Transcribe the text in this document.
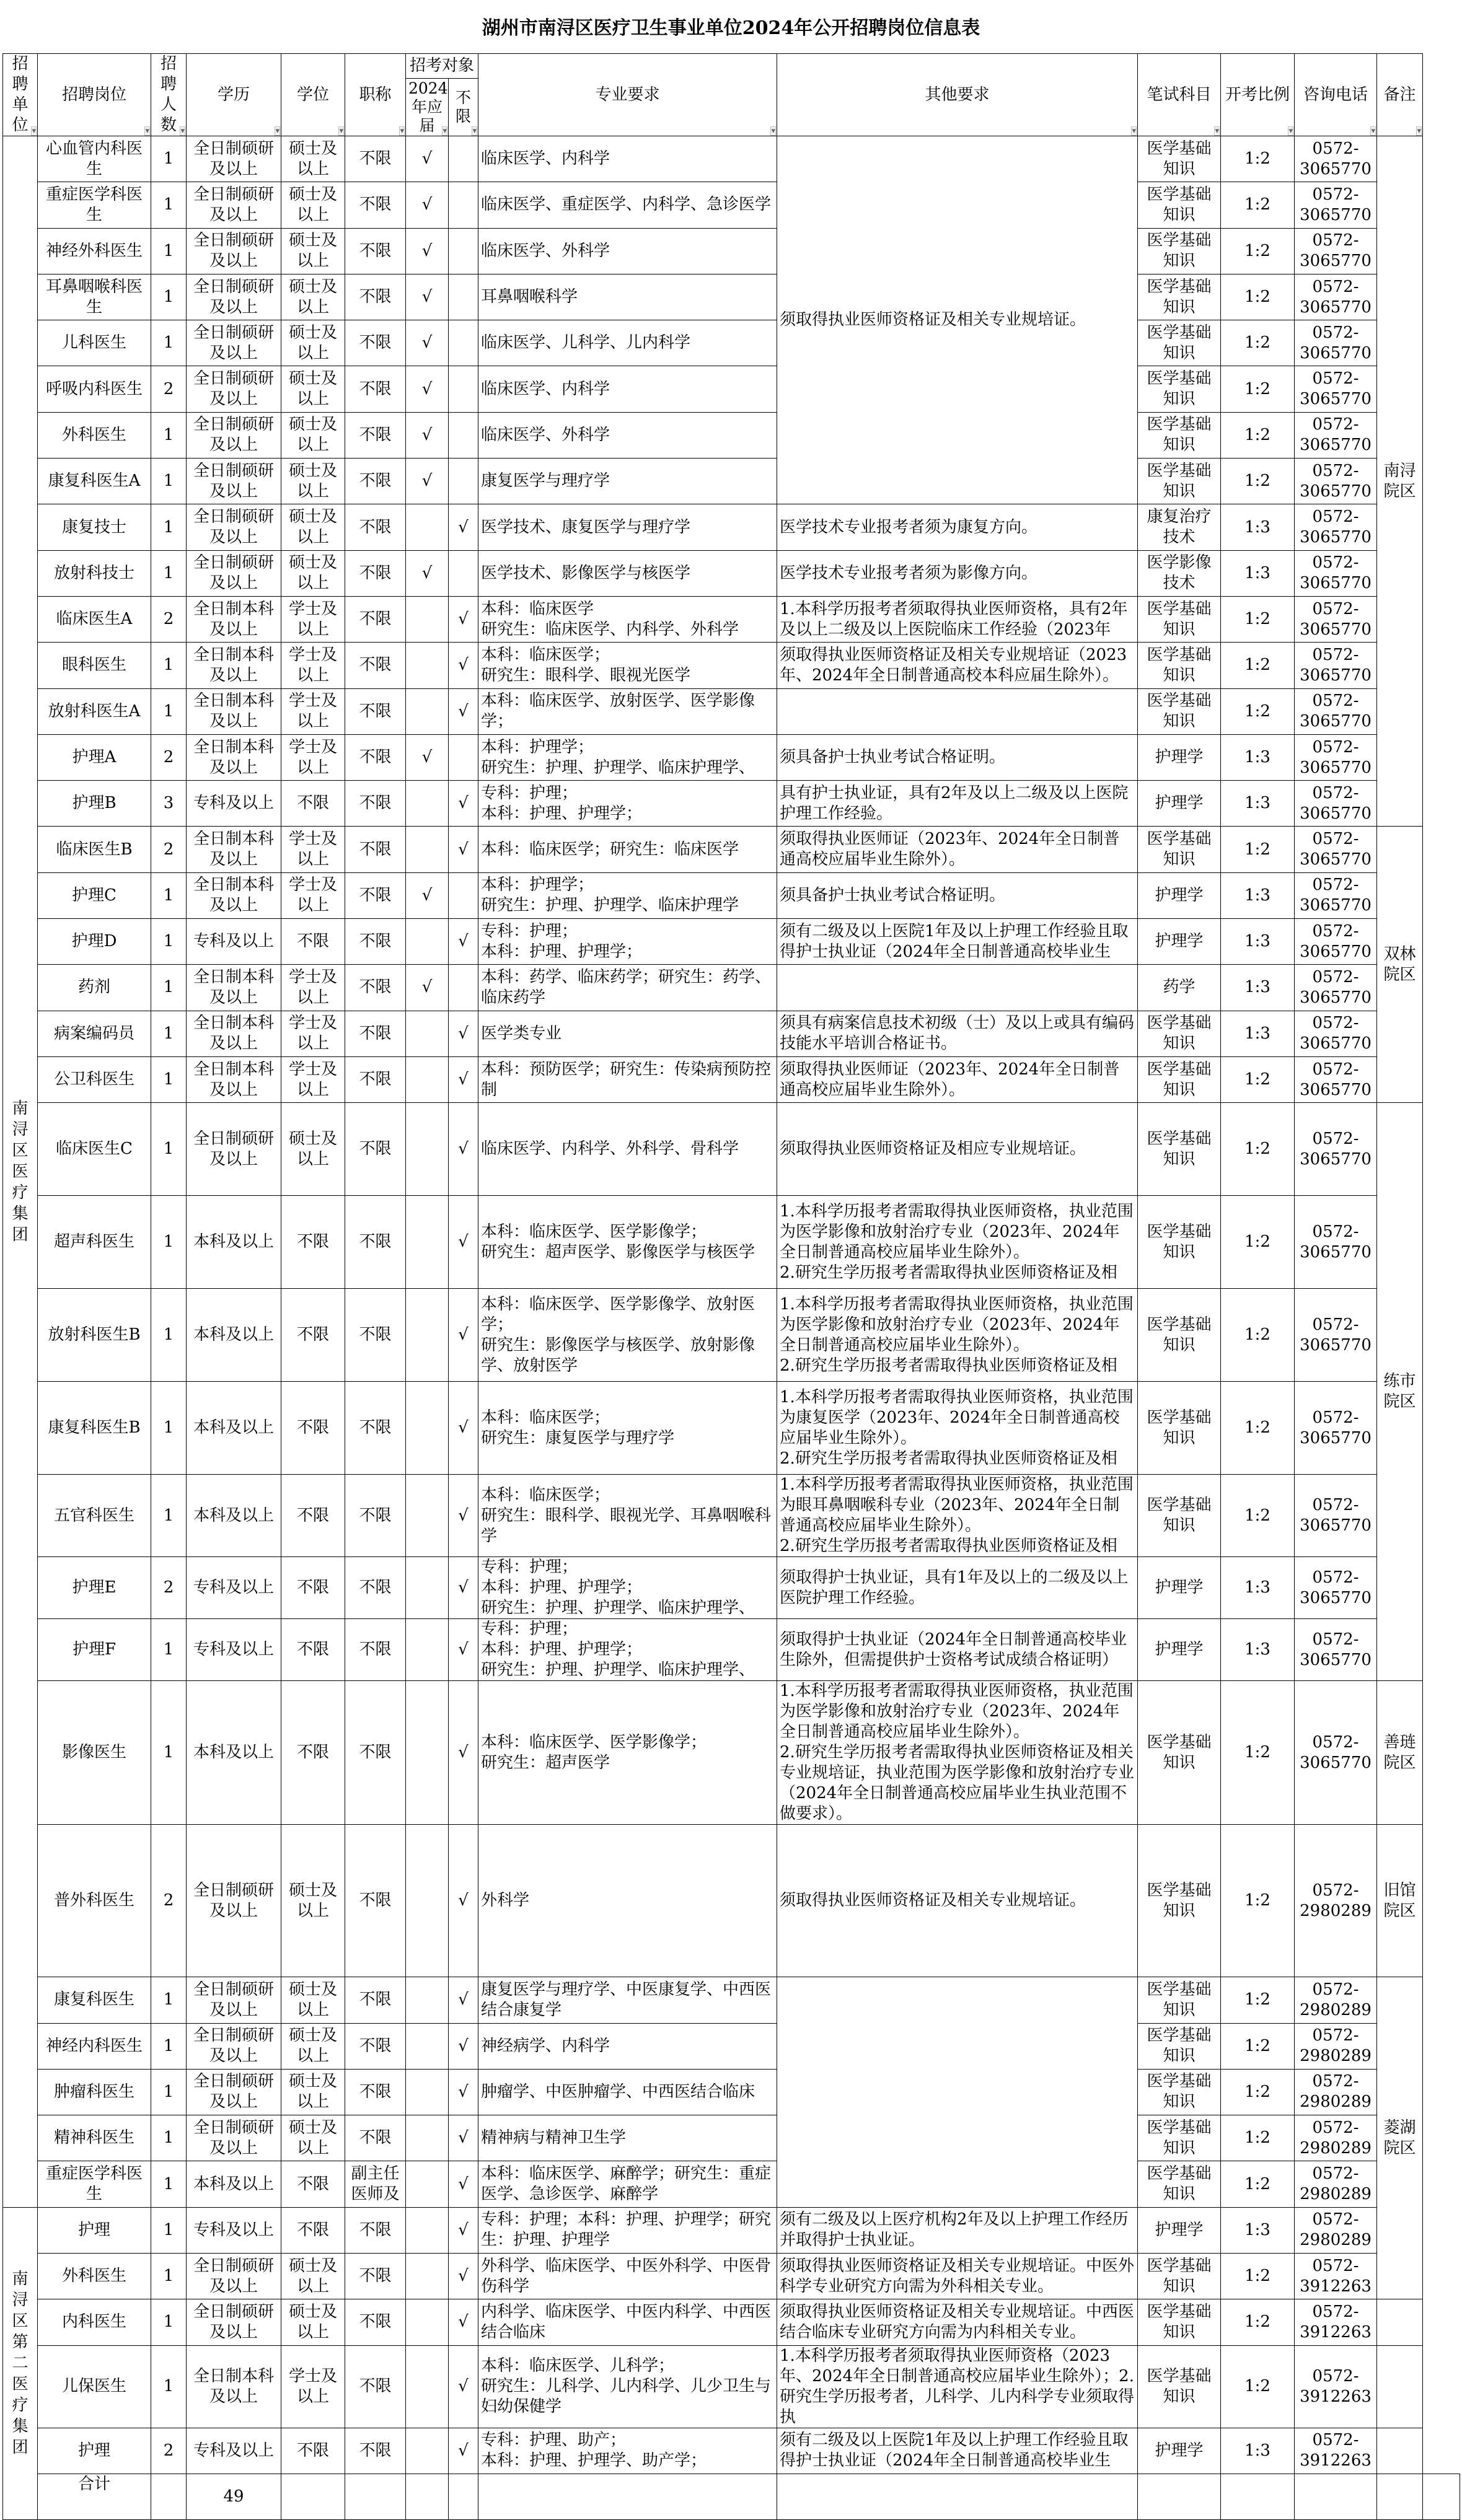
湖州市南浔区医疗卫生事业单位2024年公开招聘岗位信息表
招聘单位 ▾	招聘岗位 ▾	招聘人数 ▾	学历 ▾	学位 ▾	职称 ▾	招考对象		专业要求 ▾	其他要求 ▾	笔试科目 ▾	开考比例 ▾	咨询电话 ▾	备注 ▾
						2024年应届 ▾	不限 ▾
南浔区医疗集团	心血管内科医生	1	全日制硕研及以上	硕士及以上	不限	√		临床医学、内科学	须取得执业医师资格证及相关专业规培证。	医学基础知识	1:2	0572-3065770	南浔院区	
	重症医学科医生	1	全日制硕研及以上	硕士及以上	不限	√		临床医学、重症医学、内科学、急诊医学		医学基础知识	1:2	0572-3065770		
	神经外科医生	1	全日制硕研及以上	硕士及以上	不限	√		临床医学、外科学		医学基础知识	1:2	0572-3065770		
	耳鼻咽喉科医生	1	全日制硕研及以上	硕士及以上	不限	√		耳鼻咽喉科学		医学基础知识	1:2	0572-3065770		
	儿科医生	1	全日制硕研及以上	硕士及以上	不限	√		临床医学、儿科学、儿内科学		医学基础知识	1:2	0572-3065770		
	呼吸内科医生	2	全日制硕研及以上	硕士及以上	不限	√		临床医学、内科学		医学基础知识	1:2	0572-3065770		
	外科医生	1	全日制硕研及以上	硕士及以上	不限	√		临床医学、外科学		医学基础知识	1:2	0572-3065770		
	康复科医生A	1	全日制硕研及以上	硕士及以上	不限	√		康复医学与理疗学		医学基础知识	1:2	0572-3065770		
	康复技士	1	全日制硕研及以上	硕士及以上	不限		√	医学技术、康复医学与理疗学	医学技术专业报考者须为康复方向。	康复治疗技术	1:3	0572-3065770		
	放射科技士	1	全日制硕研及以上	硕士及以上	不限	√		医学技术、影像医学与核医学	医学技术专业报考者须为影像方向。	医学影像技术	1:3	0572-3065770		
	临床医生A	2	全日制本科及以上	学士及以上	不限		√	本科：临床医学
研究生：临床医学、内科学、外科学	1.本科学历报考者须取得执业医师资格，具有2年及以上二级及以上医院临床工作经验（2023年	医学基础知识	1:2	0572-3065770		
	眼科医生	1	全日制本科及以上	学士及以上	不限		√	本科：临床医学；
研究生：眼科学、眼视光医学	须取得执业医师资格证及相关专业规培证（2023年、2024年全日制普通高校本科应届生除外）。	医学基础知识	1:2	0572-3065770		
	放射科医生A	1	全日制本科及以上	学士及以上	不限		√	本科：临床医学、放射医学、医学影像学；		医学基础知识	1:2	0572-3065770		
	护理A	2	全日制本科及以上	学士及以上	不限	√		本科：护理学；
研究生：护理、护理学、临床护理学、	须具备护士执业考试合格证明。	护理学	1:3	0572-3065770		
	护理B	3	专科及以上	不限	不限		√	专科：护理；
本科：护理、护理学；	具有护士执业证，具有2年及以上二级及以上医院护理工作经验。	护理学	1:3	0572-3065770		
	临床医生B	2	全日制本科及以上	学士及以上	不限		√	本科：临床医学；研究生：临床医学	须取得执业医师证（2023年、2024年全日制普通高校应届毕业生除外）。	医学基础知识	1:2	0572-3065770	双林院区	
	护理C	1	全日制本科及以上	学士及以上	不限	√		本科：护理学；
研究生：护理、护理学、临床护理学	须具备护士执业考试合格证明。	护理学	1:3	0572-3065770		
	护理D	1	专科及以上	不限	不限		√	专科：护理；
本科：护理、护理学；	须有二级及以上医院1年及以上护理工作经验且取得护士执业证（2024年全日制普通高校毕业生	护理学	1:3	0572-3065770		
	药剂	1	全日制本科及以上	学士及以上	不限	√		本科：药学、临床药学；研究生：药学、临床药学		药学	1:3	0572-3065770		
	病案编码员	1	全日制本科及以上	学士及以上	不限		√	医学类专业	须具有病案信息技术初级（士）及以上或具有编码技能水平培训合格证书。	医学基础知识	1:3	0572-3065770		
	公卫科医生	1	全日制本科及以上	学士及以上	不限		√	本科：预防医学；研究生：传染病预防控制	须取得执业医师证（2023年、2024年全日制普通高校应届毕业生除外）。	医学基础知识	1:2	0572-3065770		
	临床医生C	1	全日制硕研及以上	硕士及以上	不限		√	临床医学、内科学、外科学、骨科学	须取得执业医师资格证及相应专业规培证。	医学基础知识	1:2	0572-3065770	练市院区	
	超声科医生	1	本科及以上	不限	不限		√	本科：临床医学、医学影像学；
研究生：超声医学、影像医学与核医学	1.本科学历报考者需取得执业医师资格，执业范围为医学影像和放射治疗专业（2023年、2024年全日制普通高校应届毕业生除外）。
2.研究生学历报考者需取得执业医师资格证及相	医学基础知识	1:2	0572-3065770		
	放射科医生B	1	本科及以上	不限	不限		√	本科：临床医学、医学影像学、放射医学；
研究生：影像医学与核医学、放射影像学、放射医学	1.本科学历报考者需取得执业医师资格，执业范围为医学影像和放射治疗专业（2023年、2024年全日制普通高校应届毕业生除外）。
2.研究生学历报考者需取得执业医师资格证及相	医学基础知识	1:2	0572-3065770		
	康复科医生B	1	本科及以上	不限	不限		√	本科：临床医学；
研究生：康复医学与理疗学	1.本科学历报考者需取得执业医师资格，执业范围为康复医学（2023年、2024年全日制普通高校应届毕业生除外）。
2.研究生学历报考者需取得执业医师资格证及相	医学基础知识	1:2	0572-3065770		
	五官科医生	1	本科及以上	不限	不限		√	本科：临床医学；
研究生：眼科学、眼视光学、耳鼻咽喉科学	1.本科学历报考者需取得执业医师资格，执业范围为眼耳鼻咽喉科专业（2023年、2024年全日制普通高校应届毕业生除外）。
2.研究生学历报考者需取得执业医师资格证及相	医学基础知识	1:2	0572-3065770		
	护理E	2	专科及以上	不限	不限		√	专科：护理；
本科：护理、护理学；
研究生：护理、护理学、临床护理学、	须取得护士执业证，具有1年及以上的二级及以上医院护理工作经验。	护理学	1:3	0572-3065770		
	护理F	1	专科及以上	不限	不限		√	专科：护理；
本科：护理、护理学；
研究生：护理、护理学、临床护理学、	须取得护士执业证（2024年全日制普通高校毕业生除外，但需提供护士资格考试成绩合格证明）	护理学	1:3	0572-3065770		
	影像医生	1	本科及以上	不限	不限		√	本科：临床医学、医学影像学；
研究生：超声医学	1.本科学历报考者需取得执业医师资格，执业范围为医学影像和放射治疗专业（2023年、2024年全日制普通高校应届毕业生除外）。
2.研究生学历报考者需取得执业医师资格证及相关专业规培证，执业范围为医学影像和放射治疗专业（2024年全日制普通高校应届毕业生执业范围不做要求）。	医学基础知识	1:2	0572-3065770	善琏院区	
	普外科医生	2	全日制硕研及以上	硕士及以上	不限		√	外科学	须取得执业医师资格证及相关专业规培证。	医学基础知识	1:2	0572-2980289	旧馆院区	
	康复科医生	1	全日制硕研及以上	硕士及以上	不限		√	康复医学与理疗学、中医康复学、中西医结合康复学		医学基础知识	1:2	0572-2980289	菱湖院区	
	神经内科医生	1	全日制硕研及以上	硕士及以上	不限		√	神经病学、内科学		医学基础知识	1:2	0572-2980289		
	肿瘤科医生	1	全日制硕研及以上	硕士及以上	不限		√	肿瘤学、中医肿瘤学、中西医结合临床		医学基础知识	1:2	0572-2980289		
	精神科医生	1	全日制硕研及以上	硕士及以上	不限		√	精神病与精神卫生学		医学基础知识	1:2	0572-2980289		
	重症医学科医生	1	本科及以上	不限	副主任医师及		√	本科：临床医学、麻醉学；研究生：重症医学、急诊医学、麻醉学		医学基础知识	1:2	0572-2980289		
南浔区第二医疗集团	护理	1	专科及以上	不限	不限		√	专科：护理；本科：护理、护理学；研究生：护理、护理学	须有二级及以上医疗机构2年及以上护理工作经历并取得护士执业证。	护理学	1:3	0572-2980289		
	外科医生	1	全日制硕研及以上	硕士及以上	不限		√	外科学、临床医学、中医外科学、中医骨伤科学	须取得执业医师资格证及相关专业规培证。中医外科学专业研究方向需为外科相关专业。	医学基础知识	1:2	0572-3912263		
	内科医生	1	全日制硕研及以上	硕士及以上	不限		√	内科学、临床医学、中医内科学、中西医结合临床	须取得执业医师资格证及相关专业规培证。中西医结合临床专业研究方向需为内科相关专业。	医学基础知识	1:2	0572-3912263		
	儿保医生	1	全日制本科及以上	学士及以上	不限		√	本科：临床医学、儿科学；
研究生：儿科学、儿内科学、儿少卫生与妇幼保健学	1.本科学历报考者须取得执业医师资格（2023年、2024年全日制普通高校应届毕业生除外）；2.研究生学历报考者，儿科学、儿内科学专业须取得执	医学基础知识	1:2	0572-3912263		
	护理	2	专科及以上	不限	不限		√	专科：护理、助产；
本科：护理、护理学、助产学；	须有二级及以上医院1年及以上护理工作经验且取得护士执业证（2024年全日制普通高校毕业生	护理学	1:3	0572-3912263		
	合计		49											
